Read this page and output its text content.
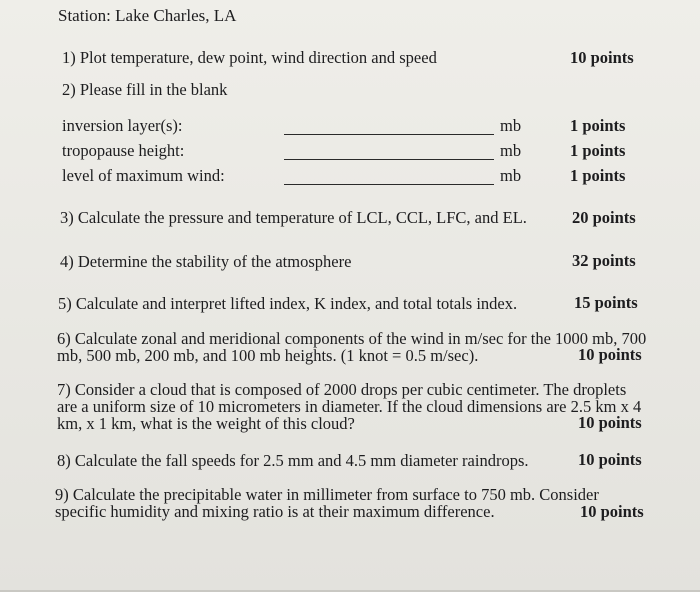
Station: Lake Charles, LA
1) Plot temperature, dew point, wind direction and speed	10 points
2) Please fill in the blank
inversion layer(s):	mb	1 points
tropopause height:	mb	1 points
level of maximum wind:	mb	1 points
3) Calculate the pressure and temperature of LCL, CCL, LFC, and EL.	20 points
4) Determine the stability of the atmosphere	32 points
5) Calculate and interpret lifted index, K index, and total totals index.	15 points
6) Calculate zonal and meridional components of the wind in m/sec for the 1000 mb, 700
mb, 500 mb, 200 mb, and 100 mb heights. (1 knot = 0.5 m/sec).	10 points
7) Consider a cloud that is composed of 2000 drops per cubic centimeter. The droplets
are a uniform size of 10 micrometers in diameter. If the cloud dimensions are 2.5 km x 4
km, x 1 km, what is the weight of this cloud?	10 points
8) Calculate the fall speeds for 2.5 mm and 4.5 mm diameter raindrops.	10 points
9) Calculate the precipitable water in millimeter from surface to 750 mb. Consider
specific humidity and mixing ratio is at their maximum difference.	10 points
